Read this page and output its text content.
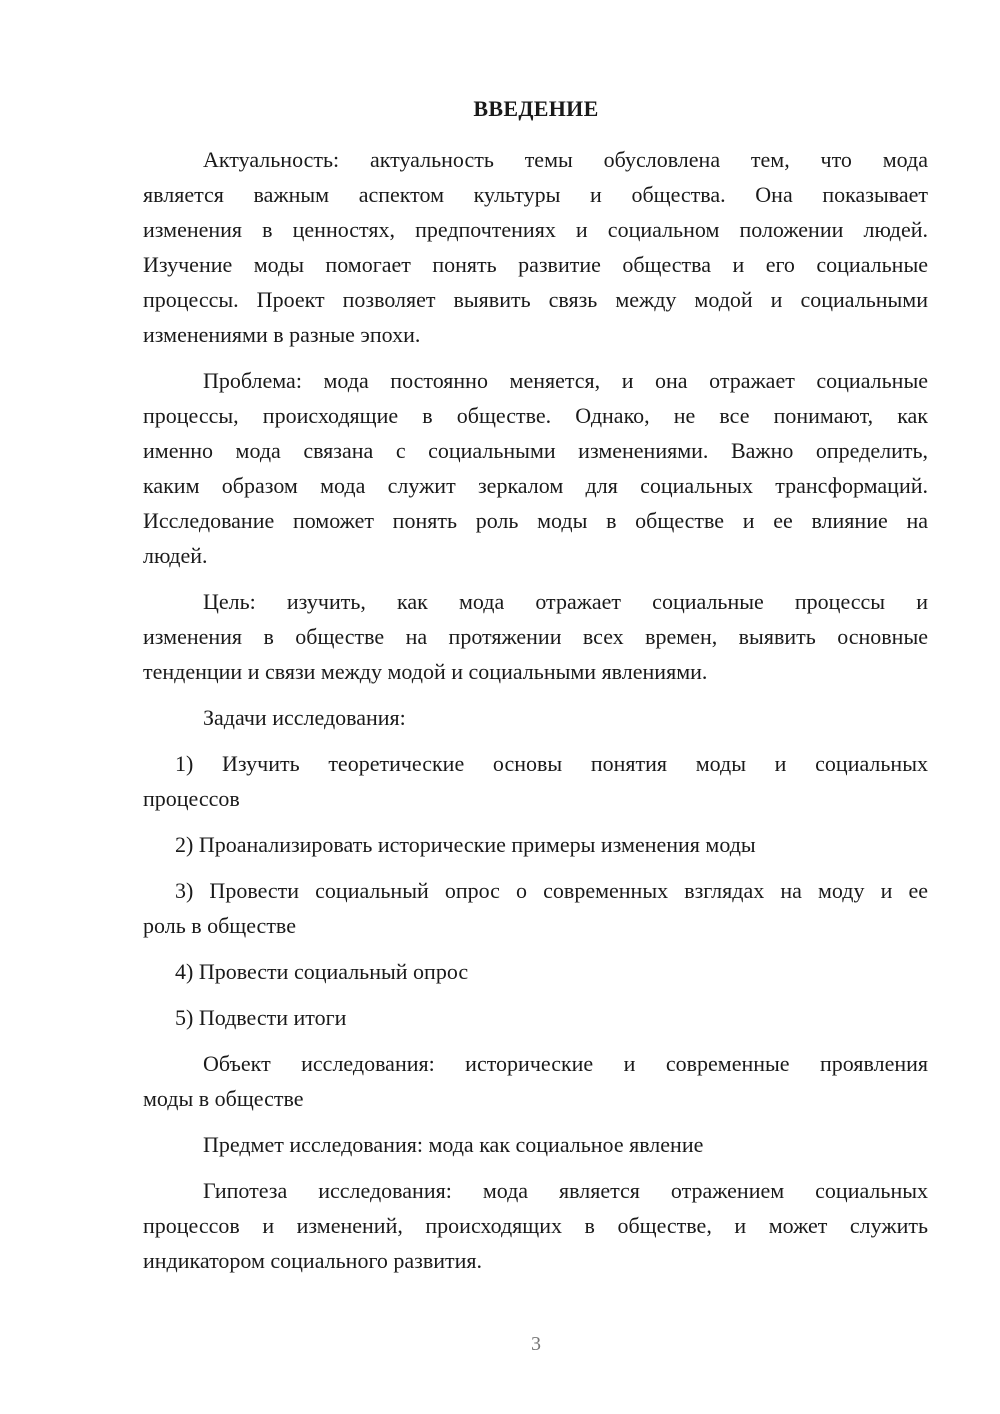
ВВЕДЕНИЕ
Актуальность: актуальность темы обусловлена тем, что мода
является важным аспектом культуры и общества. Она показывает
изменения в ценностях, предпочтениях и социальном положении людей.
Изучение моды помогает понять развитие общества и его социальные
процессы. Проект позволяет выявить связь между модой и социальными
изменениями в разные эпохи.
Проблема: мода постоянно меняется, и она отражает социальные
процессы, происходящие в обществе. Однако, не все понимают, как
именно мода связана с социальными изменениями. Важно определить,
каким образом мода служит зеркалом для социальных трансформаций.
Исследование поможет понять роль моды в обществе и ее влияние на
людей.
Цель: изучить, как мода отражает социальные процессы и
изменения в обществе на протяжении всех времен, выявить основные
тенденции и связи между модой и социальными явлениями.
Задачи исследования:
1) Изучить теоретические основы понятия моды и социальных
процессов
2) Проанализировать исторические примеры изменения моды
3) Провести социальный опрос о современных взглядах на моду и ее
роль в обществе
4) Провести социальный опрос
5) Подвести итоги
Объект исследования: исторические и современные проявления
моды в обществе
Предмет исследования: мода как социальное явление
Гипотеза исследования: мода является отражением социальных
процессов и изменений, происходящих в обществе, и может служить
индикатором социального развития.
3
